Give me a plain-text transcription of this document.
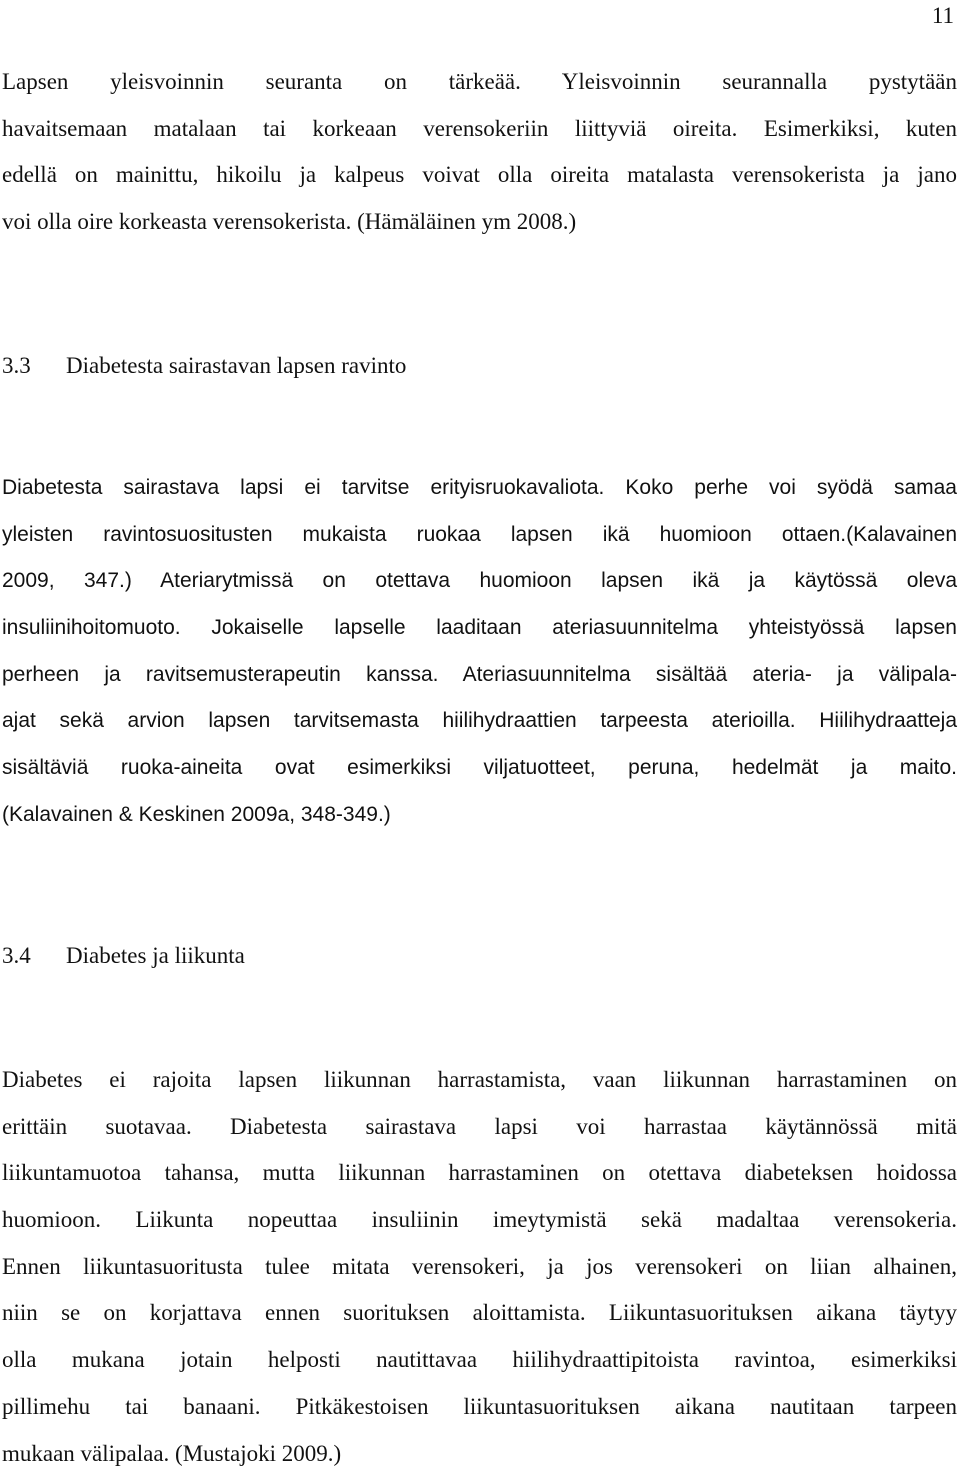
11
Lapsen yleisvoinnin seuranta on tärkeää. Yleisvoinnin seurannalla pystytään
havaitsemaan matalaan tai korkeaan verensokeriin liittyviä oireita. Esimerkiksi, kuten
edellä on mainittu, hikoilu ja kalpeus voivat olla oireita matalasta verensokerista ja jano
voi olla oire korkeasta verensokerista. (Hämäläinen ym 2008.)
3.3 Diabetesta sairastavan lapsen ravinto
Diabetesta sairastava lapsi ei tarvitse erityisruokavaliota. Koko perhe voi syödä samaa
yleisten ravintosuositusten mukaista ruokaa lapsen ikä huomioon ottaen.(Kalavainen
2009, 347.) Ateriarytmissä on otettava huomioon lapsen ikä ja käytössä oleva
insuliinihoitomuoto. Jokaiselle lapselle laaditaan ateriasuunnitelma yhteistyössä lapsen
perheen ja ravitsemusterapeutin kanssa. Ateriasuunnitelma sisältää ateria- ja välipala-
ajat sekä arvion lapsen tarvitsemasta hiilihydraattien tarpeesta aterioilla. Hiilihydraatteja
sisältäviä ruoka-aineita ovat esimerkiksi viljatuotteet, peruna, hedelmät ja maito.
(Kalavainen & Keskinen 2009a, 348-349.)
3.4 Diabetes ja liikunta
Diabetes ei rajoita lapsen liikunnan harrastamista, vaan liikunnan harrastaminen on
erittäin suotavaa. Diabetesta sairastava lapsi voi harrastaa käytännössä mitä
liikuntamuotoa tahansa, mutta liikunnan harrastaminen on otettava diabeteksen hoidossa
huomioon. Liikunta nopeuttaa insuliinin imeytymistä sekä madaltaa verensokeria.
Ennen liikuntasuoritusta tulee mitata verensokeri, ja jos verensokeri on liian alhainen,
niin se on korjattava ennen suorituksen aloittamista. Liikuntasuorituksen aikana täytyy
olla mukana jotain helposti nautittavaa hiilihydraattipitoista ravintoa, esimerkiksi
pillimehu tai banaani. Pitkäkestoisen liikuntasuorituksen aikana nautitaan tarpeen
mukaan välipalaa. (Mustajoki 2009.)
